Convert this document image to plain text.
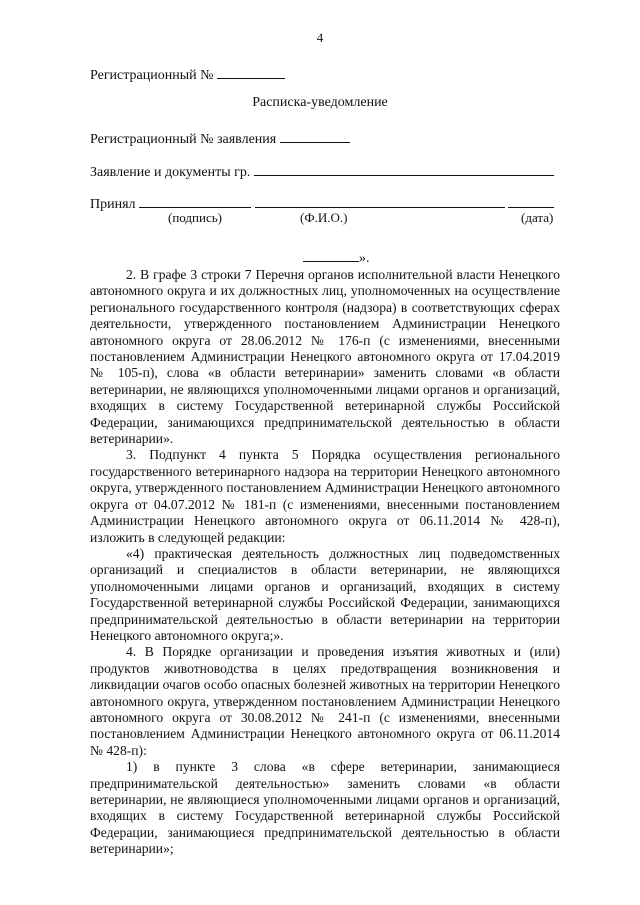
4
Регистрационный №
Расписка-уведомление
Регистрационный № заявления
Заявление и документы гр.
Принял
(подпись)	(Ф.И.О.)	(дата)
».

2. В графе 3 строки 7 Перечня органов исполнительной власти Ненецкого автономного округа и их должностных лиц, уполномоченных на осуществление регионального государственного контроля (надзора) в соответствующих сферах деятельности, утвержденного постановлением Администрации Ненецкого автономного округа от 28.06.2012 № 176-п (с изменениями, внесенными постановлением Администрации Ненецкого автономного округа от 17.04.2019 № 105-п), слова «в области ветеринарии» заменить словами «в области ветеринарии, не являющихся уполномоченными лицами органов и организаций, входящих в систему Государственной ветеринарной службы Российской Федерации, занимающихся предпринимательской деятельностью в области ветеринарии».

3. Подпункт 4 пункта 5 Порядка осуществления регионального государственного ветеринарного надзора на территории Ненецкого автономного округа, утвержденного постановлением Администрации Ненецкого автономного округа от 04.07.2012 № 181-п (с изменениями, внесенными постановлением Администрации Ненецкого автономного округа от 06.11.2014 № 428-п), изложить в следующей редакции:

«4) практическая деятельность должностных лиц подведомственных организаций и специалистов в области ветеринарии, не являющихся уполномоченными лицами органов и организаций, входящих в систему Государственной ветеринарной службы Российской Федерации, занимающихся предпринимательской деятельностью в области ветеринарии на территории Ненецкого автономного округа;».

4. В Порядке организации и проведения изъятия животных и (или) продуктов животноводства в целях предотвращения возникновения и ликвидации очагов особо опасных болезней животных на территории Ненецкого автономного округа, утвержденном постановлением Администрации Ненецкого автономного округа от 30.08.2012 № 241-п (с изменениями, внесенными постановлением Администрации Ненецкого автономного округа от 06.11.2014 № 428-п):

1) в пункте 3 слова «в сфере ветеринарии, занимающиеся предпринимательской деятельностью» заменить словами «в области ветеринарии, не являющиеся уполномоченными лицами органов и организаций, входящих в систему Государственной ветеринарной службы Российской Федерации, занимающиеся предпринимательской деятельностью в области ветеринарии»;
